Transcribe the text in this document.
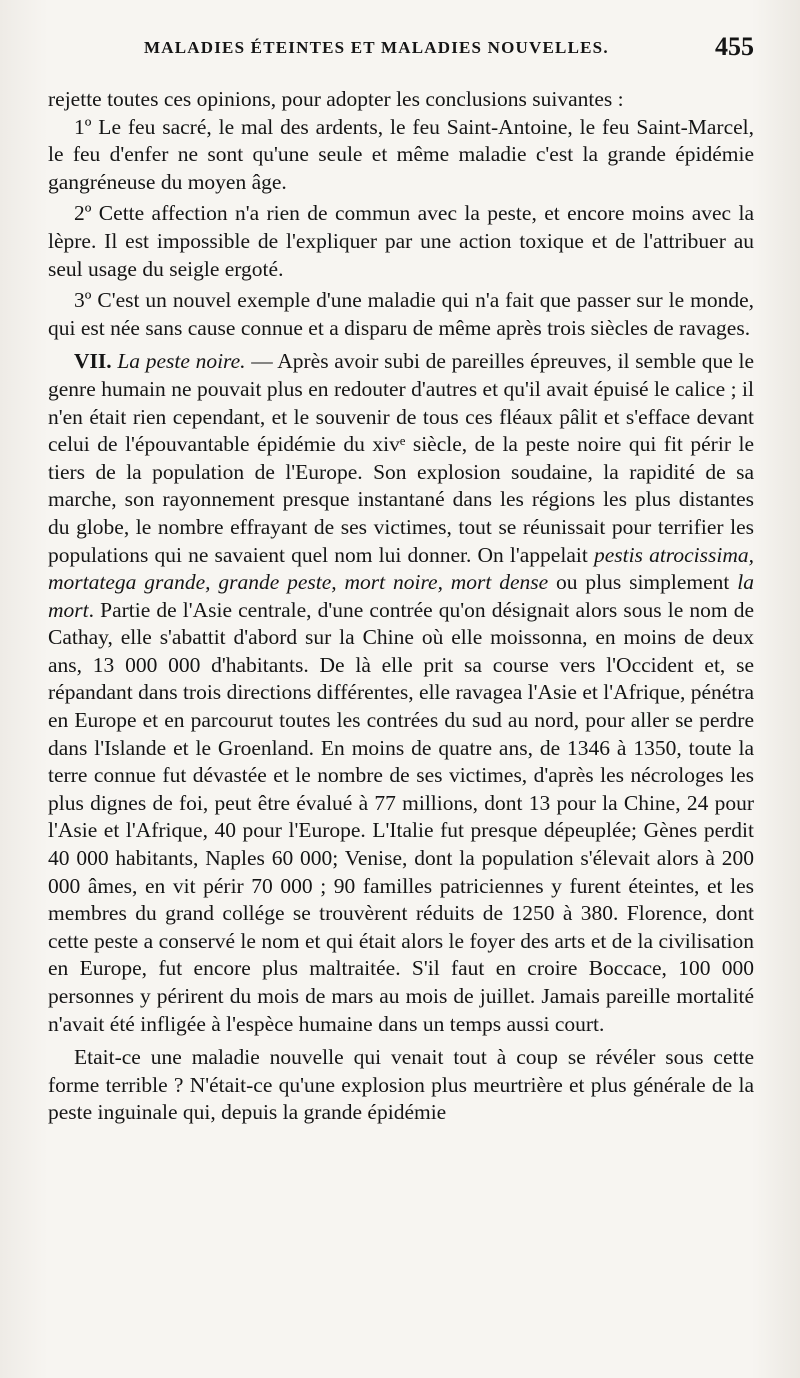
MALADIES ÉTEINTES ET MALADIES NOUVELLES.	455

rejette toutes ces opinions, pour adopter les conclusions suivantes :

1º Le feu sacré, le mal des ardents, le feu Saint-Antoine, le feu Saint-Marcel, le feu d'enfer ne sont qu'une seule et même maladie c'est la grande épidémie gangréneuse du moyen âge.

2º Cette affection n'a rien de commun avec la peste, et encore moins avec la lèpre. Il est impossible de l'expliquer par une action toxique et de l'attribuer au seul usage du seigle ergoté.

3º C'est un nouvel exemple d'une maladie qui n'a fait que passer sur le monde, qui est née sans cause connue et a disparu de même après trois siècles de ravages.

VII. La peste noire. — Après avoir subi de pareilles épreuves, il semble que le genre humain ne pouvait plus en redouter d'autres et qu'il avait épuisé le calice ; il n'en était rien cependant, et le souvenir de tous ces fléaux pâlit et s'efface devant celui de l'épouvantable épidémie du xivᵉ siècle, de la peste noire qui fit périr le tiers de la population de l'Europe. Son explosion soudaine, la rapidité de sa marche, son rayonnement presque instantané dans les régions les plus distantes du globe, le nombre effrayant de ses victimes, tout se réunissait pour terrifier les populations qui ne savaient quel nom lui donner. On l'appelait pestis atrocissima, mortatega grande, grande peste, mort noire, mort dense ou plus simplement la mort. Partie de l'Asie centrale, d'une contrée qu'on désignait alors sous le nom de Cathay, elle s'abattit d'abord sur la Chine où elle moissonna, en moins de deux ans, 13 000 000 d'habitants. De là elle prit sa course vers l'Occident et, se répandant dans trois directions différentes, elle ravagea l'Asie et l'Afrique, pénétra en Europe et en parcourut toutes les contrées du sud au nord, pour aller se perdre dans l'Islande et le Groenland. En moins de quatre ans, de 1346 à 1350, toute la terre connue fut dévastée et le nombre de ses victimes, d'après les nécrologes les plus dignes de foi, peut être évalué à 77 millions, dont 13 pour la Chine, 24 pour l'Asie et l'Afrique, 40 pour l'Europe. L'Italie fut presque dépeuplée; Gènes perdit 40 000 habitants, Naples 60 000; Venise, dont la population s'élevait alors à 200 000 âmes, en vit périr 70 000 ; 90 familles patriciennes y furent éteintes, et les membres du grand collége se trouvèrent réduits de 1250 à 380. Florence, dont cette peste a conservé le nom et qui était alors le foyer des arts et de la civilisation en Europe, fut encore plus maltraitée. S'il faut en croire Boccace, 100 000 personnes y périrent du mois de mars au mois de juillet. Jamais pareille mortalité n'avait été infligée à l'espèce humaine dans un temps aussi court.

Etait-ce une maladie nouvelle qui venait tout à coup se révéler sous cette forme terrible ? N'était-ce qu'une explosion plus meurtrière et plus générale de la peste inguinale qui, depuis la grande épidémie
